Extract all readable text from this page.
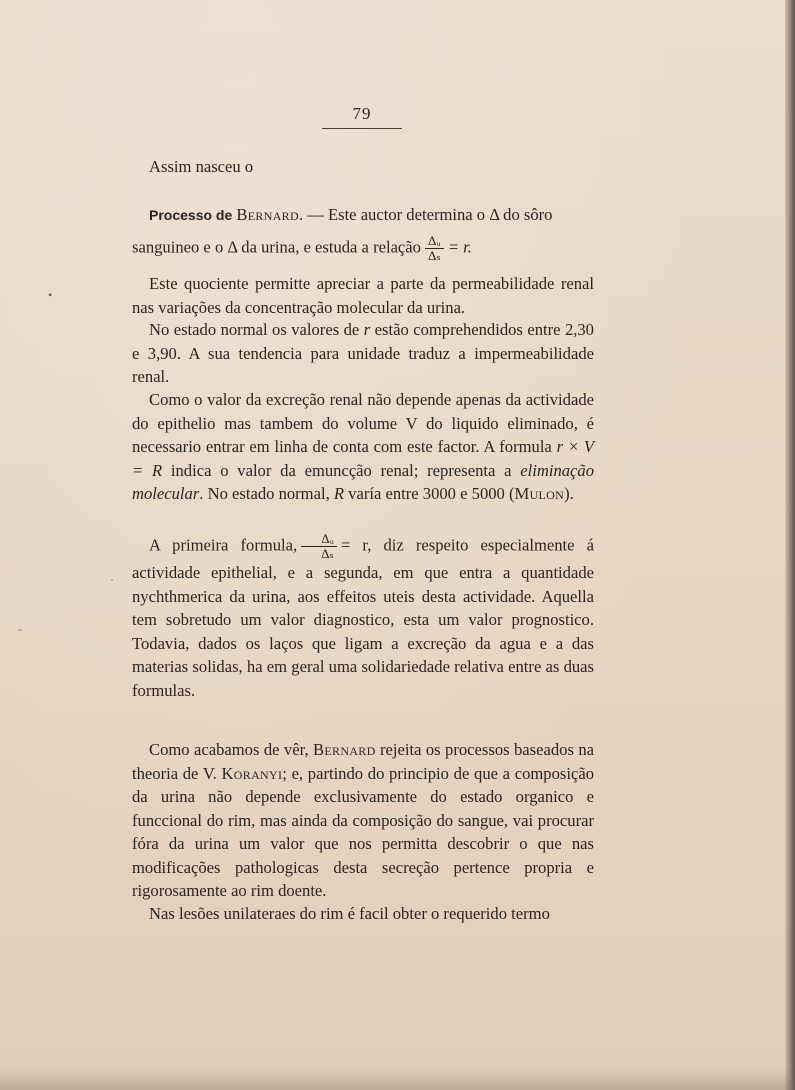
79

Assim nasceu o

Processo de Bernard. — Este auctor determina o Δ do sôro

sanguineo e o Δ da urina, e estuda a relação $\frac{\text{Δᵤ}}{\text{Δₛ}} = r$.

Este quociente permitte apreciar a parte da permeabilidade renal nas variações da concentração molecular da urina.

No estado normal os valores de r estão comprehendidos entre 2,30 e 3,90. A sua tendencia para unidade traduz a impermeabilidade renal.

Como o valor da excreção renal não depende apenas da actividade do epithelio mas tambem do volume V do liquido eliminado, é necessario entrar em linha de conta com este factor. A formula r × V = R indica o valor da emuncção renal; representa a eliminação molecular. No estado normal, R varía entre 3000 e 5000 (Mulon).

A primeira formula, $\frac{\text{Δᵤ}}{\text{Δₛ}} = r$, diz respeito especialmente á actividade epithelial, e a segunda, em que entra a quantidade nychthmerica da urina, aos effeitos uteis desta actividade. Aquella tem sobretudo um valor diagnostico, esta um valor prognostico. Todavia, dados os laços que ligam a excreção da agua e a das materias solidas, ha em geral uma solidariedade relativa entre as duas formulas.

Como acabamos de vêr, Bernard rejeita os processos baseados na theoria de V. Koranyi; e, partindo do principio de que a composição da urina não depende exclusivamente do estado organico e funccional do rim, mas ainda da composição do sangue, vai procurar fóra da urina um valor que nos permitta descobrir o que nas modificações pathologicas desta secreção pertence propria e rigorosamente ao rim doente.

Nas lesões unilateraes do rim é facil obter o requerido termo

•
·
-
